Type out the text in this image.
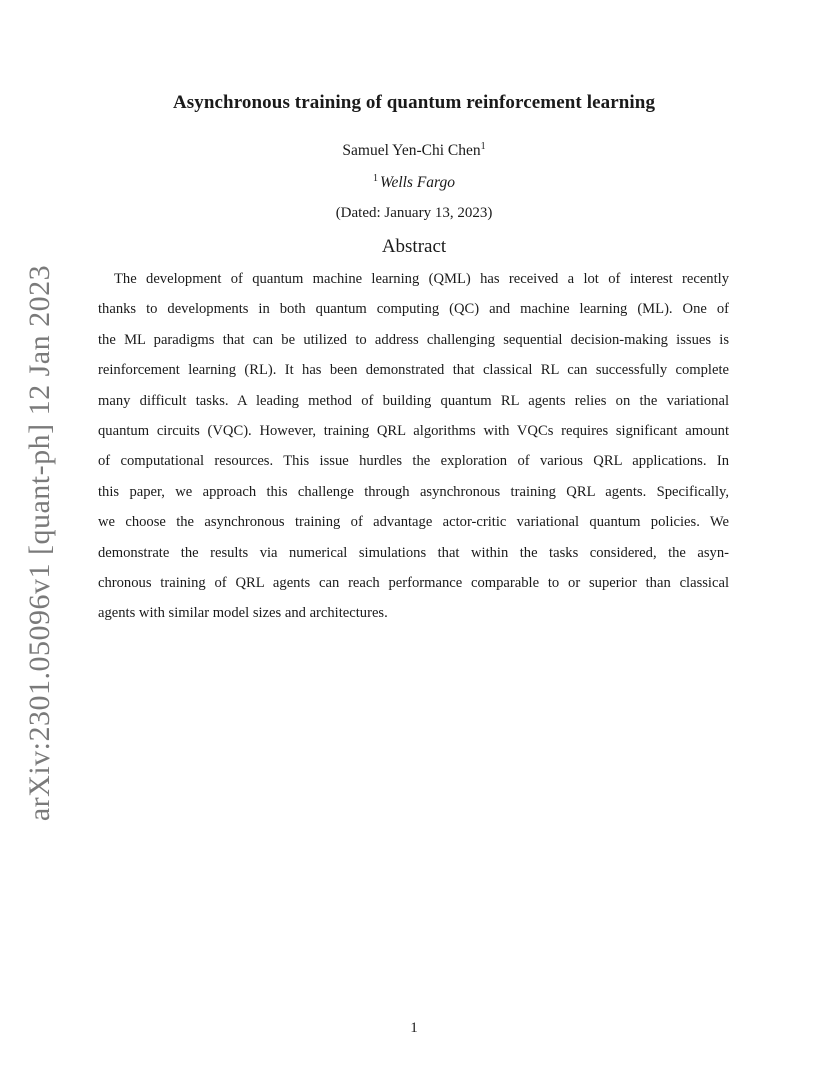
arXiv:2301.05096v1 [quant-ph] 12 Jan 2023
Asynchronous training of quantum reinforcement learning
Samuel Yen-Chi Chen$^1$
$^1$ Wells Fargo
(Dated: January 13, 2023)
Abstract
The development of quantum machine learning (QML) has received a lot of interest recently
thanks to developments in both quantum computing (QC) and machine learning (ML). One of
the ML paradigms that can be utilized to address challenging sequential decision-making issues is
reinforcement learning (RL). It has been demonstrated that classical RL can successfully complete
many difficult tasks. A leading method of building quantum RL agents relies on the variational
quantum circuits (VQC). However, training QRL algorithms with VQCs requires significant amount
of computational resources. This issue hurdles the exploration of various QRL applications. In
this paper, we approach this challenge through asynchronous training QRL agents. Specifically,
we choose the asynchronous training of advantage actor-critic variational quantum policies. We
demonstrate the results via numerical simulations that within the tasks considered, the asyn-
chronous training of QRL agents can reach performance comparable to or superior than classical
agents with similar model sizes and architectures.
1
